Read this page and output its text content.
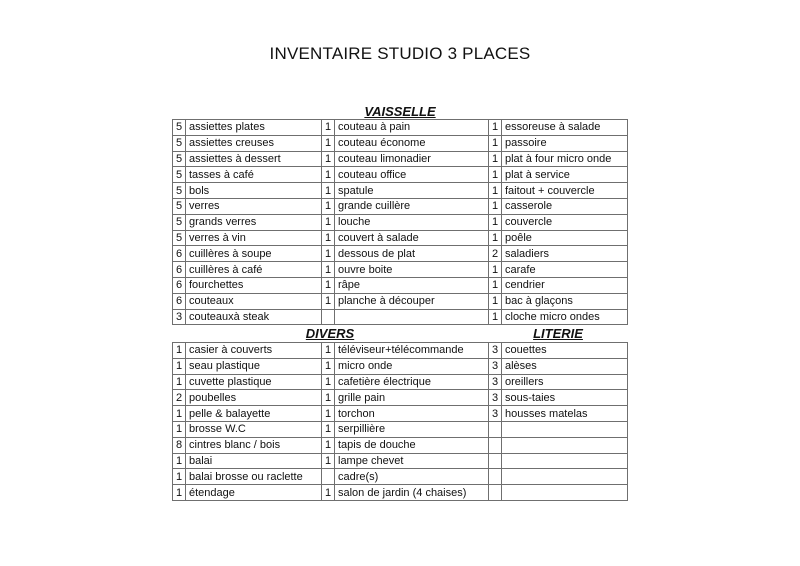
INVENTAIRE STUDIO 3 PLACES
VAISSELLE
5	assiettes plates	1	couteau à pain	1	essoreuse à salade
5	assiettes creuses	1	couteau économe	1	passoire
5	assiettes à dessert	1	couteau limonadier	1	plat à four micro onde
5	tasses à café	1	couteau office	1	plat à service
5	bols	1	spatule	1	faitout + couvercle
5	verres	1	grande cuillère	1	casserole
5	grands verres	1	louche	1	couvercle
5	verres à vin	1	couvert à salade	1	poêle
6	cuillères à soupe	1	dessous de plat	2	saladiers
6	cuillères à café	1	ouvre boite	1	carafe
6	fourchettes	1	râpe	1	cendrier
6	couteaux	1	planche à découper	1	bac à glaçons
3	couteauxà steak			1	cloche micro ondes
DIVERS	LITERIE
1	casier à couverts	1	téléviseur+télécommande	3	couettes
1	seau plastique	1	micro onde	3	alèses
1	cuvette plastique	1	cafetière électrique	3	oreillers
2	poubelles	1	grille pain	3	sous-taies
1	pelle & balayette	1	torchon	3	housses matelas
1	brosse W.C	1	serpillière		
8	cintres blanc / bois	1	tapis de douche		
1	balai	1	lampe chevet		
1	balai brosse ou raclette		cadre(s)		
1	étendage	1	salon de jardin (4 chaises)		
